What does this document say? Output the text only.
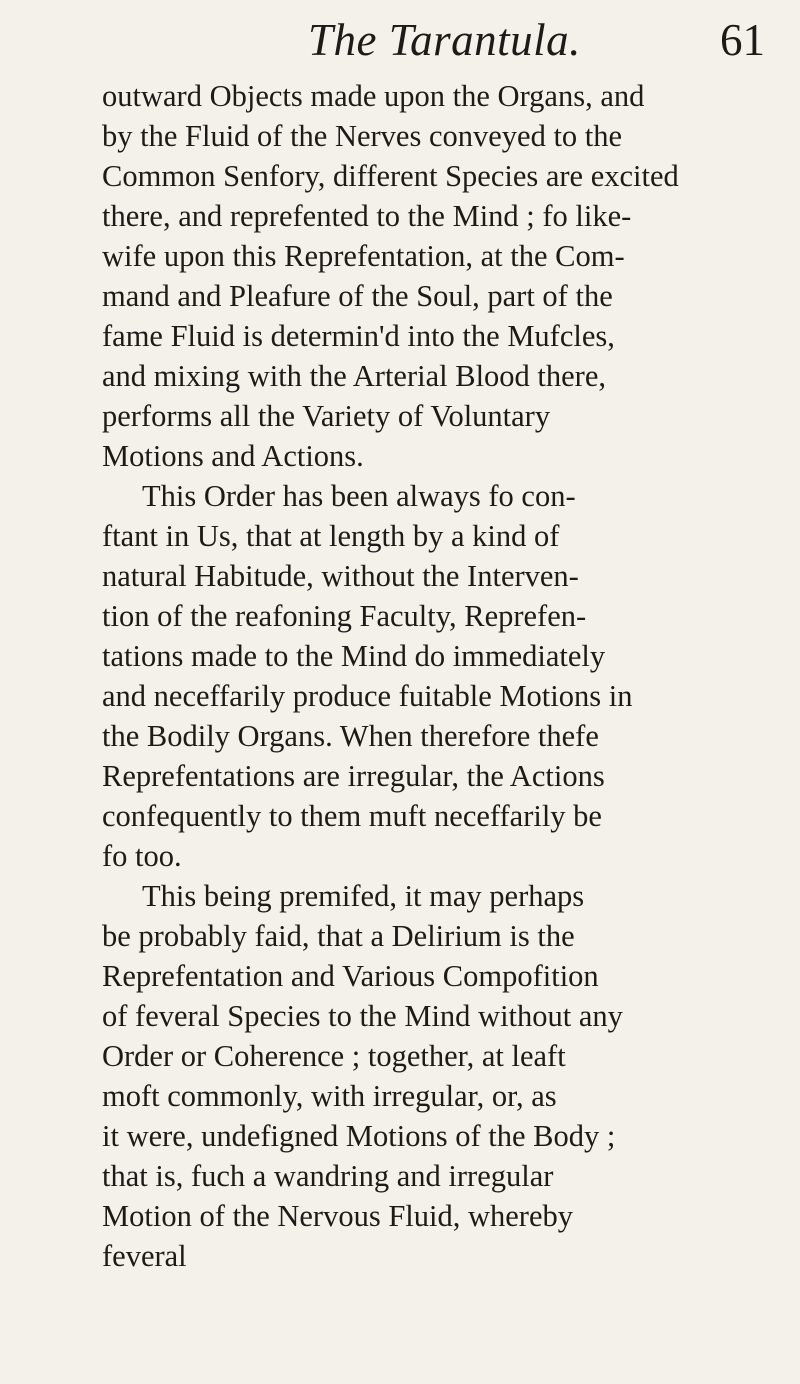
The Tarantula.	61
outward Objects made upon the Organs, and
by the Fluid of the Nerves conveyed to the
Common Senfory, different Species are excited
there, and reprefented to the Mind ; fo like-
wife upon this Reprefentation, at the Com-
mand and Pleafure of the Soul, part of the
fame Fluid is determin'd into the Mufcles,
and mixing with the Arterial Blood there,
performs all the Variety of Voluntary
Motions and Actions.
This Order has been always fo con-
ftant in Us, that at length by a kind of
natural Habitude, without the Interven-
tion of the reafoning Faculty, Reprefen-
tations made to the Mind do immediately
and neceffarily produce fuitable Motions in
the Bodily Organs. When therefore thefe
Reprefentations are irregular, the Actions
confequently to them muft neceffarily be
fo too.
This being premifed, it may perhaps
be probably faid, that a Delirium is the
Reprefentation and Various Compofition
of feveral Species to the Mind without any
Order or Coherence ; together, at leaft
moft commonly, with irregular, or, as
it were, undefigned Motions of the Body ;
that is, fuch a wandring and irregular
Motion of the Nervous Fluid, whereby
feveral
